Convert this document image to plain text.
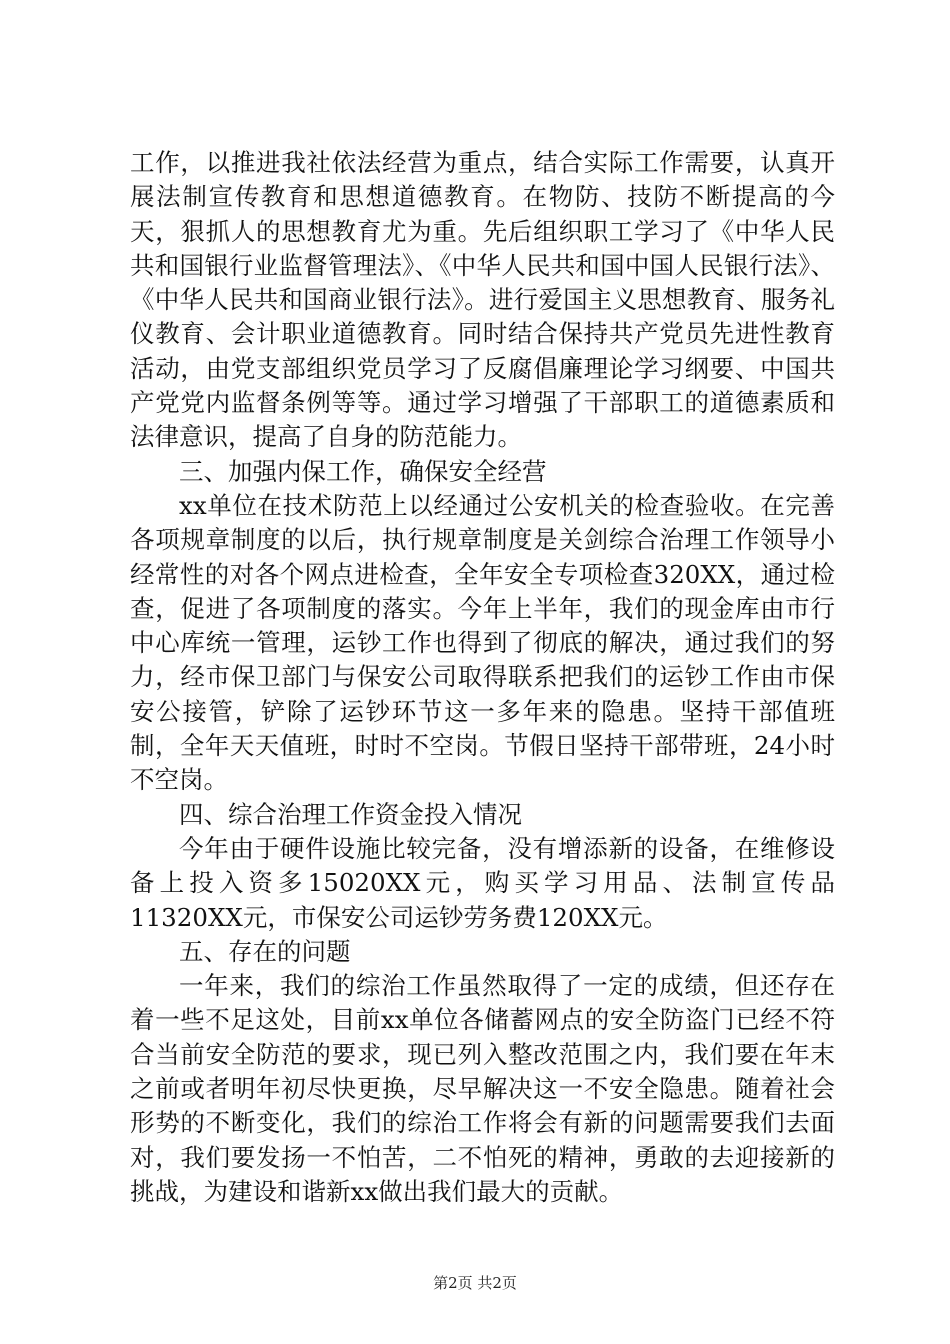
工作，以推进我社依法经营为重点，结合实际工作需要，认真开展法制宣传教育和思想道德教育。在物防、技防不断提高的今天，狠抓人的思想教育尤为重。先后组织职工学习了《中华人民共和国银行业监督管理法》、《中华人民共和国中国人民银行法》、《中华人民共和国商业银行法》。进行爱国主义思想教育、服务礼仪教育、会计职业道德教育。同时结合保持共产党员先进性教育活动，由党支部组织党员学习了反腐倡廉理论学习纲要、中国共产党党内监督条例等等。通过学习增强了干部职工的道德素质和法律意识，提高了自身的防范能力。

三、加强内保工作，确保安全经营

xx单位在技术防范上以经通过公安机关的检查验收。在完善各项规章制度的以后，执行规章制度是关剑综合治理工作领导小经常性的对各个网点进检查，全年安全专项检查320XX，通过检查，促进了各项制度的落实。今年上半年，我们的现金库由市行中心库统一管理，运钞工作也得到了彻底的解决，通过我们的努力，经市保卫部门与保安公司取得联系把我们的运钞工作由市保安公接管，铲除了运钞环节这一多年来的隐患。坚持干部值班制，全年天天值班，时时不空岗。节假日坚持干部带班，24小时不空岗。

四、综合治理工作资金投入情况

今年由于硬件设施比较完备，没有增添新的设备，在维修设备上投入资多15020XX元，购买学习用品、法制宣传品11320XX元，市保安公司运钞劳务费120XX元。

五、存在的问题

一年来，我们的综治工作虽然取得了一定的成绩，但还存在着一些不足这处，目前xx单位各储蓄网点的安全防盗门已经不符合当前安全防范的要求，现已列入整改范围之内，我们要在年末之前或者明年初尽快更换，尽早解决这一不安全隐患。随着社会形势的不断变化，我们的综治工作将会有新的问题需要我们去面对，我们要发扬一不怕苦，二不怕死的精神，勇敢的去迎接新的挑战，为建设和谐新xx做出我们最大的贡献。

第2页 共2页
